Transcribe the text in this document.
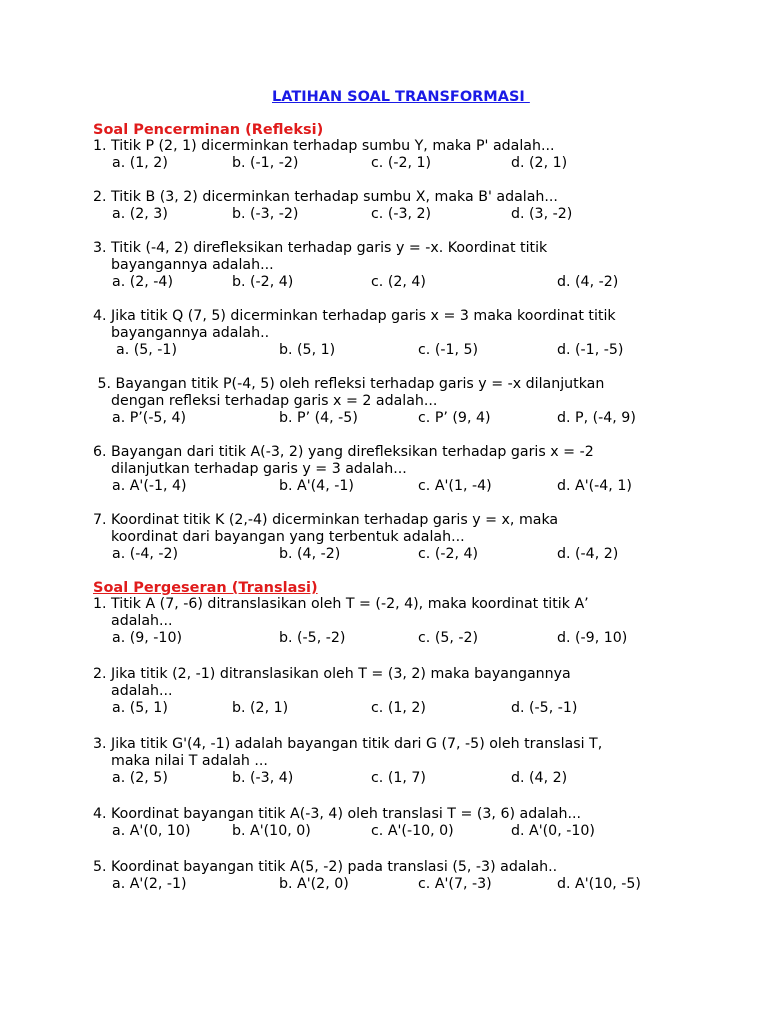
LATIHAN SOAL TRANSFORMASI
Soal Pencerminan (Refleksi)
1. Titik P (2, 1) dicerminkan terhadap sumbu Y, maka P' adalah...

a. (1, 2)

	b. (-1, -2)

	c. (-2, 1)

	d. (2, 1)

2. Titik B (3, 2) dicerminkan terhadap sumbu X, maka B' adalah...

a. (2, 3)

	b. (-3, -2)

	c. (-3, 2)

	d. (3, -2)

3. Titik (-4, 2) direfleksikan terhadap garis y = -x. Koordinat titik
bayangannya adalah...

a. (2, -4)

	b. (-2, 4)

	c. (2, 4)

	d. (4, -2)

4. Jika titik Q (7, 5) dicerminkan terhadap garis x = 3 maka koordinat titik
bayangannya adalah..

a. (5, -1)

	b. (5, 1)

	c. (-1, 5)

	d. (-1, -5)

5. Bayangan titik P(-4, 5) oleh refleksi terhadap garis y = -x dilanjutkan
dengan refleksi terhadap garis x = 2 adalah...

a. P’(-5, 4)

	b. P’ (4, -5)

	c. P’ (9, 4)

	d. P, (-4, 9)

6. Bayangan dari titik A(-3, 2) yang direfleksikan terhadap garis x = -2
dilanjutkan terhadap garis y = 3 adalah...

a. A'(-1, 4)

	b. A'(4, -1)

	c. A'(1, -4)

	d. A'(-4, 1)

7. Koordinat titik K (2,-4) dicerminkan terhadap garis y = x, maka
koordinat dari bayangan yang terbentuk adalah...

a. (-4, -2)

	b. (4, -2)

	c. (-2, 4)

	d. (-4, 2)

Soal Pergeseran (Translasi)
1. Titik A (7, -6) ditranslasikan oleh T = (-2, 4), maka koordinat titik A’
adalah...

a. (9, -10)

	b. (-5, -2)

	c. (5, -2)

	d. (-9, 10)

2. Jika titik (2, -1) ditranslasikan oleh T = (3, 2) maka bayangannya
adalah...

a. (5, 1)

	b. (2, 1)

	c. (1, 2)

	d. (-5, -1)

3. Jika titik G'(4, -1) adalah bayangan titik dari G (7, -5) oleh translasi T,
maka nilai T adalah ...

a. (2, 5)

	b. (-3, 4)

	c. (1, 7)

	d. (4, 2)

4. Koordinat bayangan titik A(-3, 4) oleh translasi T = (3, 6) adalah...

a. A'(0, 10)

	b. A'(10, 0)

	c. A'(-10, 0)

	d. A'(0, -10)

5. Koordinat bayangan titik A(5, -2) pada translasi (5, -3) adalah..

a. A'(2, -1)

	b. A'(2, 0)

	c. A'(7, -3)

	d. A'(10, -5)
